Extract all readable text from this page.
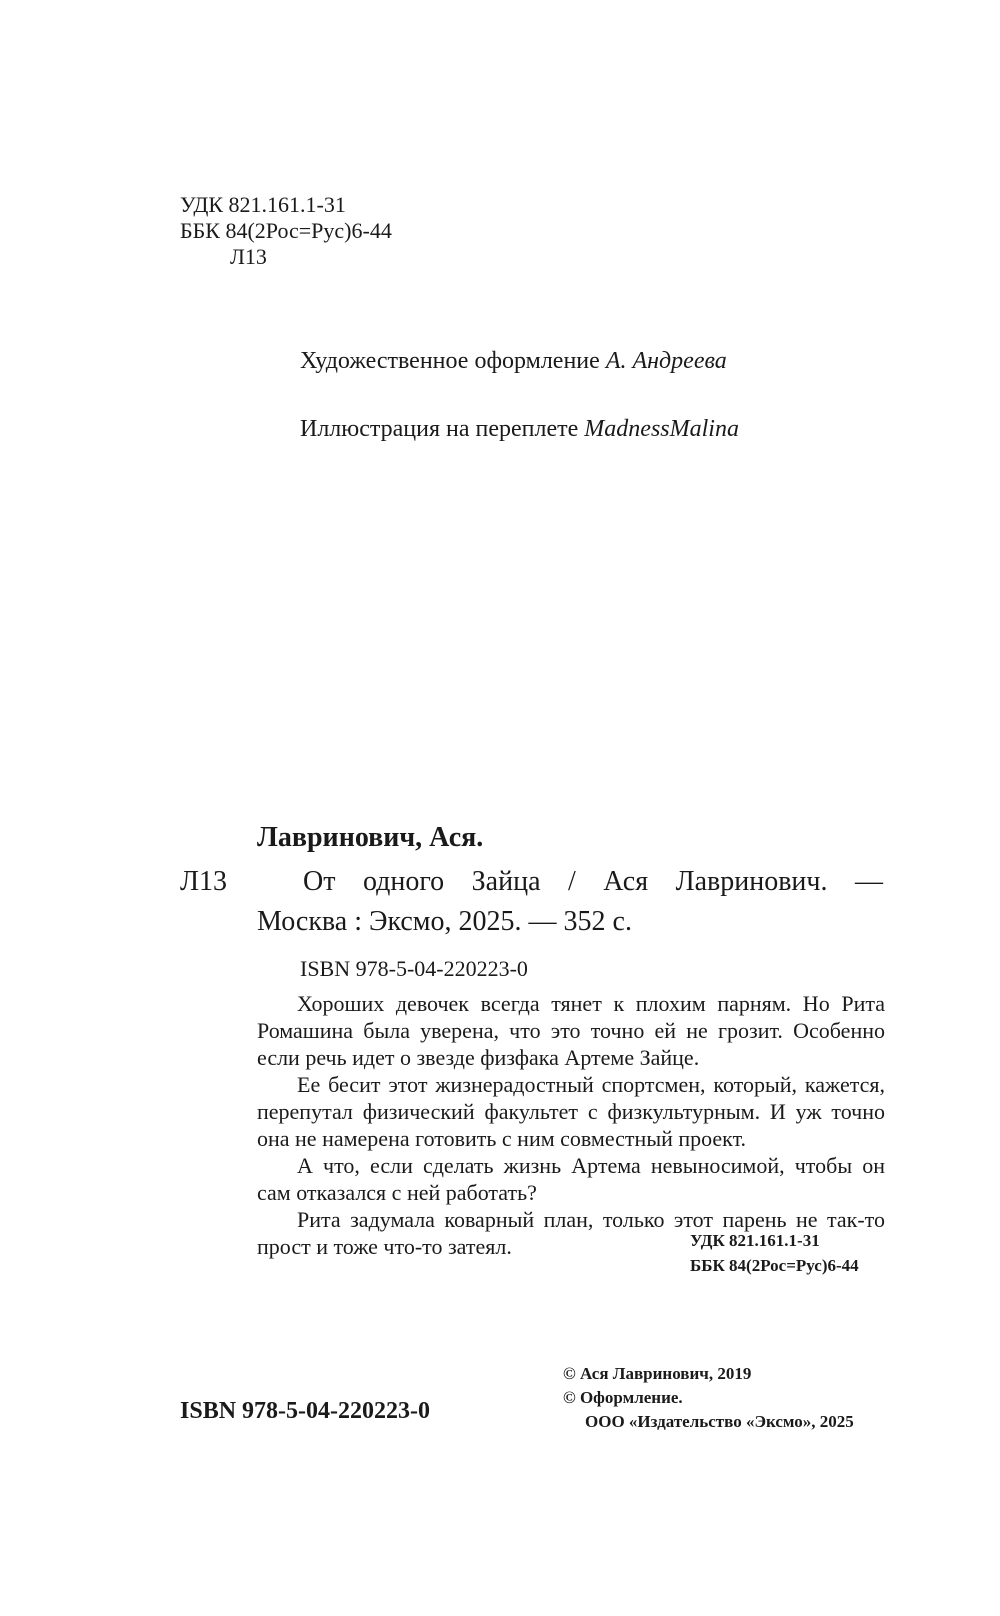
УДК 821.161.1-31
ББК 84(2Рос=Рус)6-44
Л13
Художественное оформление А. Андреева
Иллюстрация на переплете MadnessMalina
Лавринович, Ася.
Л13	От одного Зайца / Ася Лавринович. —
Москва : Эксмо, 2025. — 352 с.
ISBN 978-5-04-220223-0

Хороших девочек всегда тянет к плохим парням. Но Рита Ромашина была уверена, что это точно ей не грозит. Особенно если речь идет о звезде физфака Артеме Зайце.

Ее бесит этот жизнерадостный спортсмен, который, кажется, перепутал физический факультет с физкультурным. И уж точно она не намерена готовить с ним совместный проект.

А что, если сделать жизнь Артема невыносимой, чтобы он сам отказался с ней работать?

Рита задумала коварный план, только этот парень не так-то прост и тоже что-то затеял.	УДК 821.161.1-31
ББК 84(2Рос=Рус)6-44
© Ася Лавринович, 2019
© Оформление.
ООО «Издательство «Эксмо», 2025
ISBN 978-5-04-220223-0
